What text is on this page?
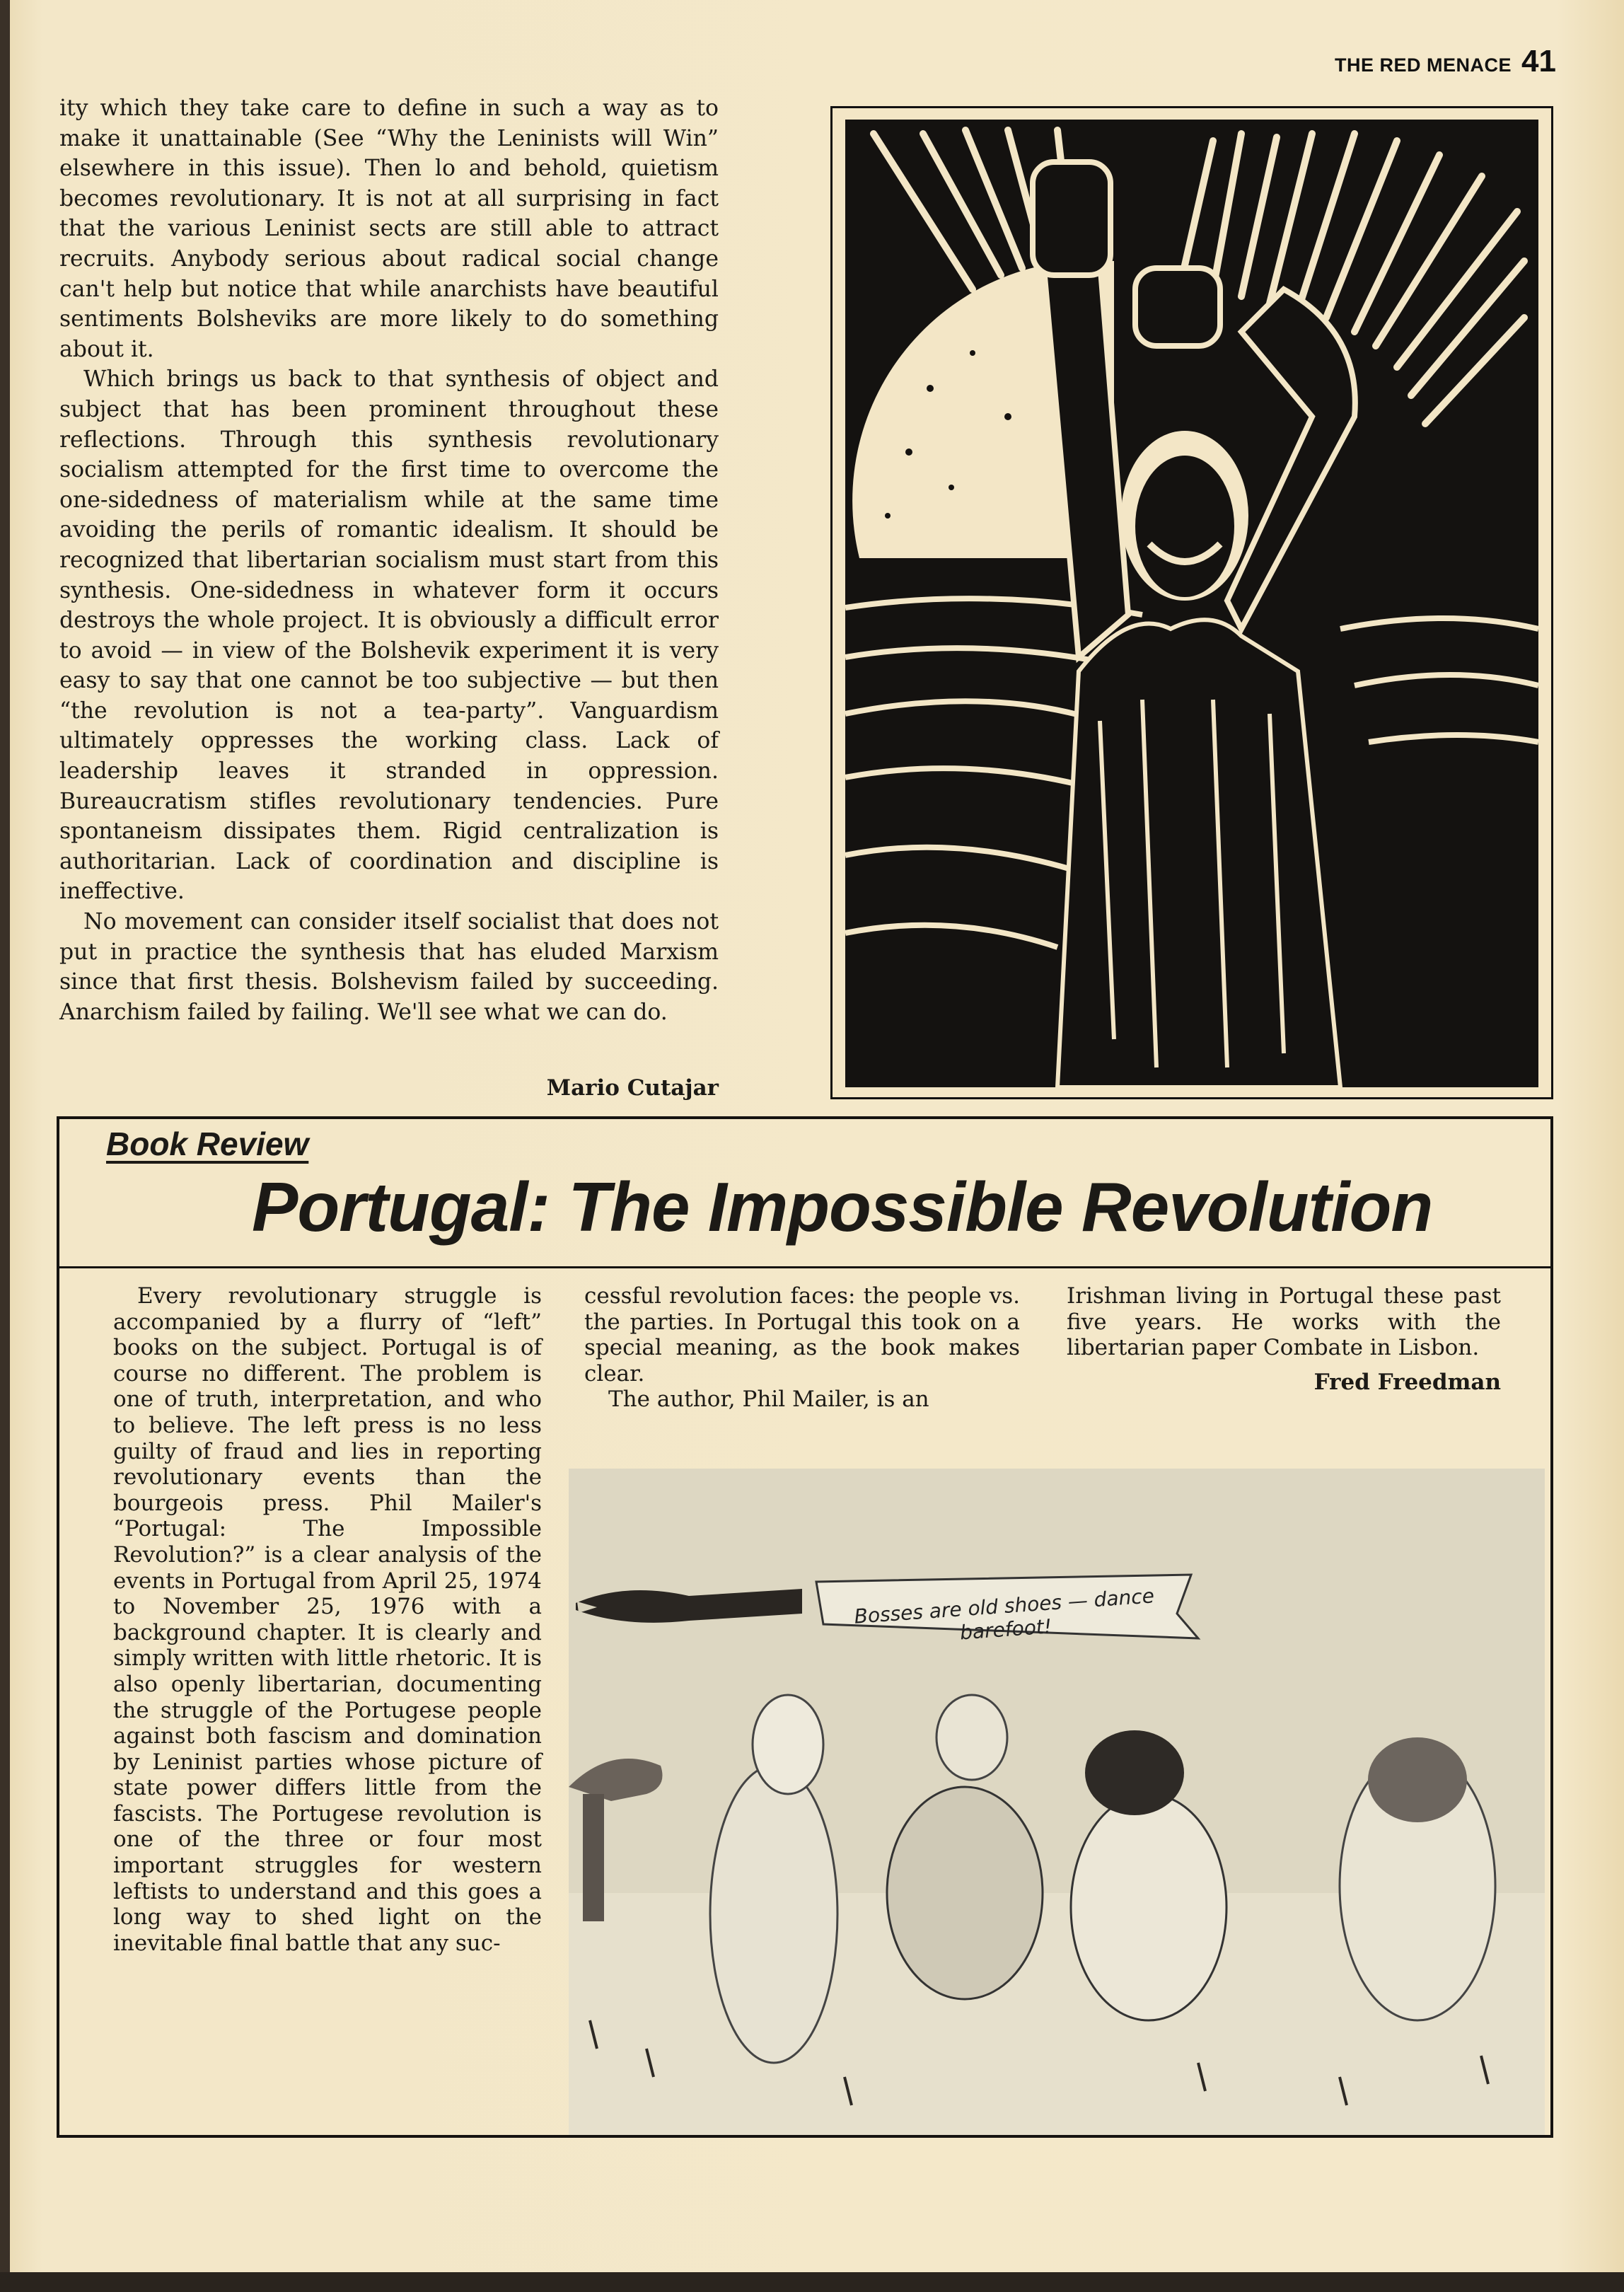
THE RED MENACE 41

ity which they take care to define in such a way as to make it unattainable (See “Why the Leninists will Win” elsewhere in this issue). Then lo and behold, quietism becomes revolutionary. It is not at all surprising in fact that the various Leninist sects are still able to attract recruits. Anybody serious about radical social change can't help but notice that while anarchists have beautiful sentiments Bolsheviks are more likely to do something about it.

Which brings us back to that synthesis of object and subject that has been prominent throughout these reflections. Through this synthesis revolutionary socialism attempted for the first time to overcome the one-sidedness of materialism while at the same time avoiding the perils of romantic idealism. It should be recognized that libertarian socialism must start from this synthesis. One-sidedness in whatever form it occurs destroys the whole project. It is obviously a difficult error to avoid — in view of the Bolshevik experiment it is very easy to say that one cannot be too subjective — but then “the revolution is not a tea-party”. Vanguardism ultimately oppresses the working class. Lack of leadership leaves it stranded in oppression. Bureaucratism stifles revolutionary tendencies. Pure spontaneism dissipates them. Rigid centralization is authoritarian. Lack of coordination and discipline is ineffective.

No movement can consider itself socialist that does not put in practice the synthesis that has eluded Marxism since that first thesis. Bolshevism failed by succeeding. Anarchism failed by failing. We'll see what we can do.

Mario Cutajar
Book Review
Portugal: The Impossible Revolution

Every revolutionary struggle is accompanied by a flurry of “left” books on the subject. Portugal is of course no different. The problem is one of truth, interpretation, and who to believe. The left press is no less guilty of fraud and lies in reporting revolutionary events than the bourgeois press. Phil Mailer's “Portugal: The Impossible Revolution?” is a clear analysis of the events in Portugal from April 25, 1974 to November 25, 1976 with a background chapter. It is clearly and simply written with little rhetoric. It is also openly libertarian, documenting the struggle of the Portugese people against both fascism and domination by Leninist parties whose picture of state power differs little from the fascists. The Portugese revolution is one of the three or four most important struggles for western leftists to understand and this goes a long way to shed light on the inevitable final battle that any suc-

cessful revolution faces: the people vs. the parties. In Portugal this took on a special meaning, as the book makes clear.

The author, Phil Mailer, is an

Irishman living in Portugal these past five years. He works with the libertarian paper Combate in Lisbon.

Fred Freedman
Bosses are old shoes — dance barefoot!
